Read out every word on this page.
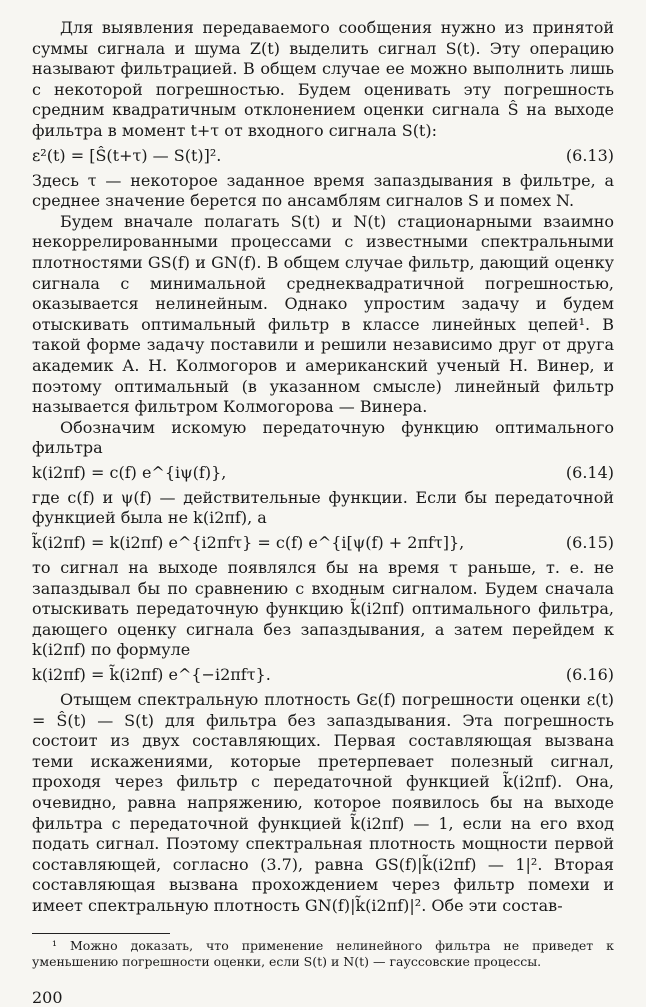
Для выявления передаваемого сообщения нужно из принятой суммы сигнала и шума Z(t) выделить сигнал S(t). Эту операцию называют фильтрацией. В общем случае ее можно выполнить лишь с некоторой погрешностью. Будем оценивать эту погрешность средним квадратичным отклонением оценки сигнала Ŝ на выходе фильтра в момент t+τ от входного сигнала S(t):

ε²(t) = [Ŝ(t+τ) — S(t)]².	(6.13)

Здесь τ — некоторое заданное время запаздывания в фильтре, а среднее значение берется по ансамблям сигналов S и помех N.

Будем вначале полагать S(t) и N(t) стационарными взаимно некоррелированными процессами с известными спектральными плотностями GS(f) и GN(f). В общем случае фильтр, дающий оценку сигнала с минимальной среднеквадратичной погрешностью, оказывается нелинейным. Однако упростим задачу и будем отыскивать оптимальный фильтр в классе линейных цепей¹. В такой форме задачу поставили и решили независимо друг от друга академик А. Н. Колмогоров и американский ученый Н. Винер, и поэтому оптимальный (в указанном смысле) линейный фильтр называется фильтром Колмогорова — Винера.

Обозначим искомую передаточную функцию оптимального фильтра

k(i2πf) = c(f) e^{iψ(f)},	(6.14)

где c(f) и ψ(f) — действительные функции. Если бы передаточной функцией была не k(i2πf), а

k̃(i2πf) = k(i2πf) e^{i2πfτ} = c(f) e^{i[ψ(f) + 2πfτ]},	(6.15)

то сигнал на выходе появлялся бы на время τ раньше, т. е. не запаздывал бы по сравнению с входным сигналом. Будем сначала отыскивать передаточную функцию k̃(i2πf) оптимального фильтра, дающего оценку сигнала без запаздывания, а затем перейдем к k(i2πf) по формуле

k(i2πf) = k̃(i2πf) e^{−i2πfτ}.	(6.16)

Отыщем спектральную плотность Gε(f) погрешности оценки ε(t) = Ŝ(t) — S(t) для фильтра без запаздывания. Эта погрешность состоит из двух составляющих. Первая составляющая вызвана теми искажениями, которые претерпевает полезный сигнал, проходя через фильтр с передаточной функцией k̃(i2πf). Она, очевидно, равна напряжению, которое появилось бы на выходе фильтра с передаточной функцией k̃(i2πf) — 1, если на его вход подать сигнал. Поэтому спектральная плотность мощности первой составляющей, согласно (3.7), равна GS(f)|k̃(i2πf) — 1|². Вторая составляющая вызвана прохождением через фильтр помехи и имеет спектральную плотность GN(f)|k̃(i2πf)|². Обе эти состав-

¹ Можно доказать, что применение нелинейного фильтра не приведет к уменьшению погрешности оценки, если S(t) и N(t) — гауссовские процессы.

200
